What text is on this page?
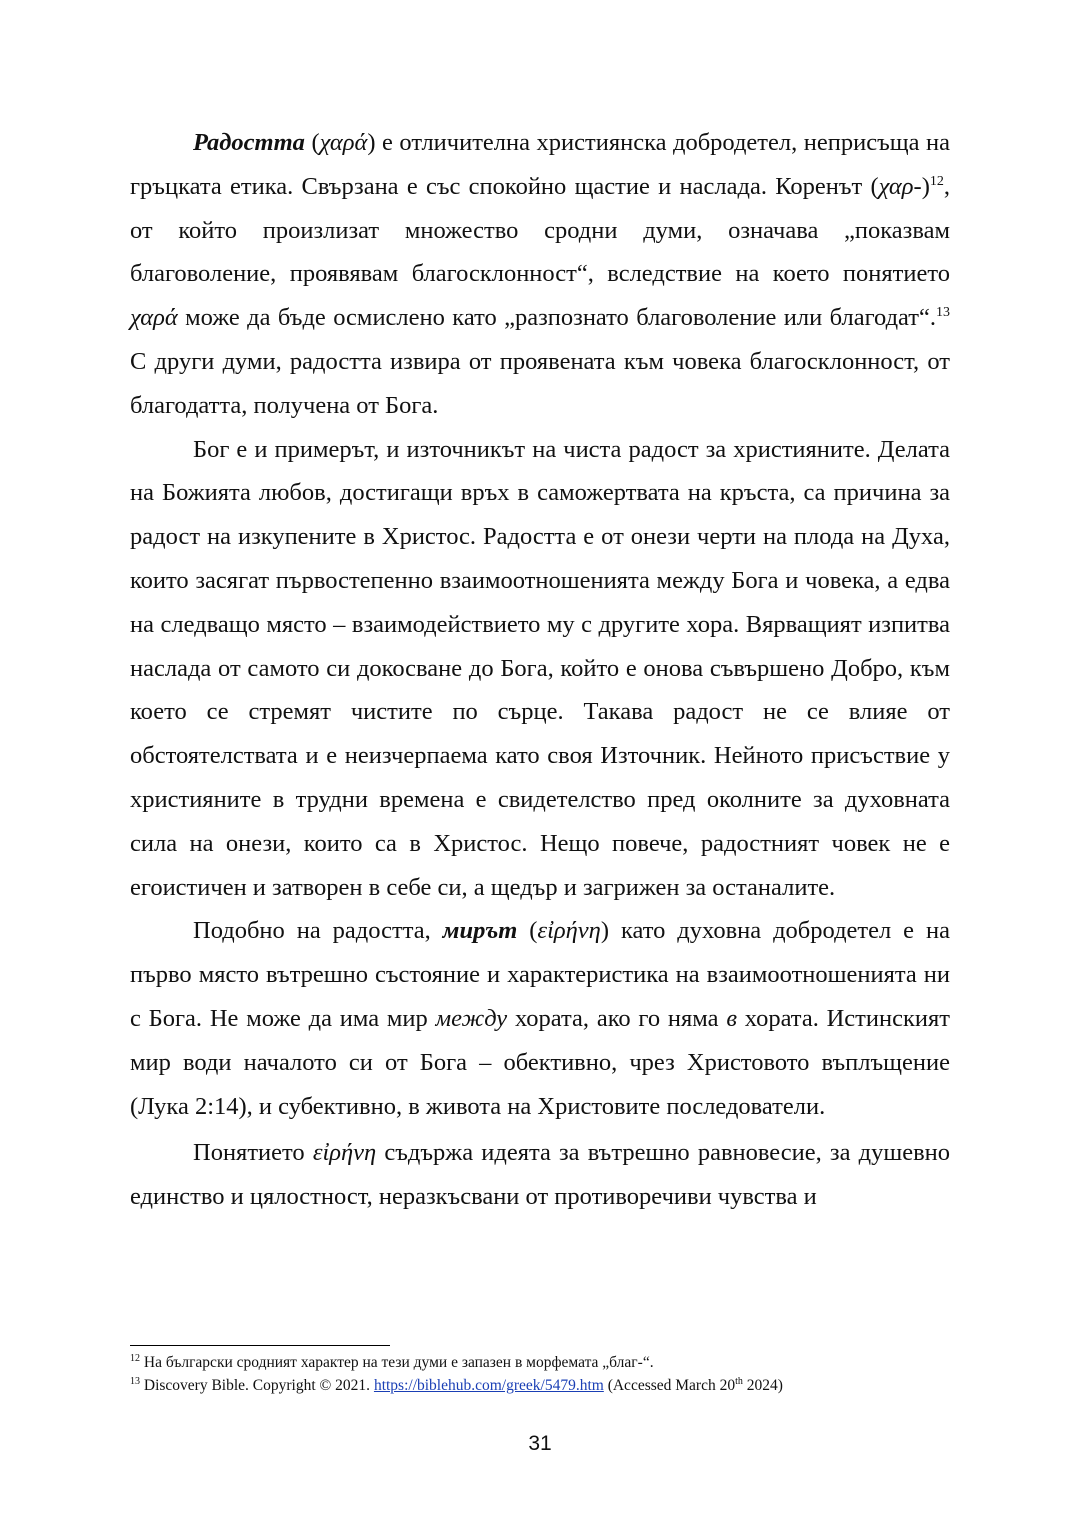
Радостта (χαρά) е отличителна християнска добродетел, неприсъща на гръцката етика. Свързана е със спокойно щастие и наслада. Коренът $(\chi\alpha\rho-)^{12}$, от който произлизат множество сродни думи, означава „показвам благоволение, проявявам благосклонност“, вследствие на което понятието χαρά може да бъде осмислено като „разпознато благоволение или благодат“.$^{13}$ С други думи, радостта извира от проявената към човека благосклонност, от благодатта, получена от Бога.

Бог е и примерът, и източникът на чиста радост за християните. Делата на Божията любов, достигащи връх в саможертвата на кръста, са причина за радост на изкупените в Христос. Радостта е от онези черти на плода на Духа, които засягат първостепенно взаимоотношенията между Бога и човека, а едва на следващо място – взаимодействието му с другите хора. Вярващият изпитва наслада от самото си докосване до Бога, който е онова съвършено Добро, към което се стремят чистите по сърце. Такава радост не се влияе от обстоятелствата и е неизчерпаема като своя Източник. Нейното присъствие у християните в трудни времена е свидетелство пред околните за духовната сила на онези, които са в Христос. Нещо повече, радостният човек не е егоистичен и затворен в себе си, а щедър и загрижен за останалите.

Подобно на радостта, мирът (εἰρήνη) като духовна добродетел е на първо място вътрешно състояние и характеристика на взаимоотношенията ни с Бога. Не може да има мир между хората, ако го няма в хората. Истинският мир води началото си от Бога – обективно, чрез Христовото въплъщение (Лука 2:14), и субективно, в живота на Христовите последователи.

Понятието εἰρήνη съдържа идеята за вътрешно равновесие, за душевно единство и цялостност, неразкъсвани от противоречиви чувства и

$^{12}$ На български сродният характер на тези думи е запазен в морфемата „благ-“.
$^{13}$ Discovery Bible. Copyright © 2021. https://biblehub.com/greek/5479.htm (Accessed March 20th 2024)
31
